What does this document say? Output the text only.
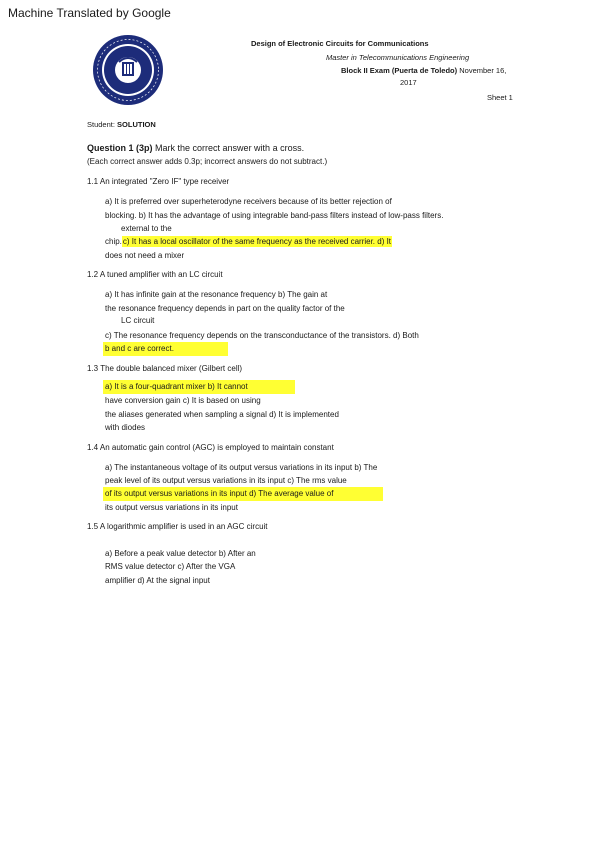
Machine Translated by Google
Design of Electronic Circuits for Communications
Master in Telecommunications Engineering
Block II Exam (Puerta de Toledo) November 16,
2017
Sheet 1
Student: SOLUTION
Question 1 (3p) Mark the correct answer with a cross.
(Each correct answer adds 0.3p; incorrect answers do not subtract.)
1.1 An integrated "Zero IF" type receiver
a) It is preferred over superheterodyne receivers because of its better rejection of
blocking. b) It has the advantage of using integrable band-pass filters instead of low-pass filters.
external to the
chip.c) It has a local oscillator of the same frequency as the received carrier. d) It
does not need a mixer
1.2 A tuned amplifier with an LC circuit
a) It has infinite gain at the resonance frequency b) The gain at
the resonance frequency depends in part on the quality factor of the
LC circuit
c) The resonance frequency depends on the transconductance of the transistors. d) Both
b and c are correct.
1.3 The double balanced mixer (Gilbert cell)
a) It is a four-quadrant mixer b) It cannot
have conversion gain c) It is based on using
the aliases generated when sampling a signal d) It is implemented
with diodes
1.4 An automatic gain control (AGC) is employed to maintain constant
a) The instantaneous voltage of its output versus variations in its input b) The
peak level of its output versus variations in its input c) The rms value
of its output versus variations in its input d) The average value of
its output versus variations in its input
1.5 A logarithmic amplifier is used in an AGC circuit
a) Before a peak value detector b) After an
RMS value detector c) After the VGA
amplifier d) At the signal input
